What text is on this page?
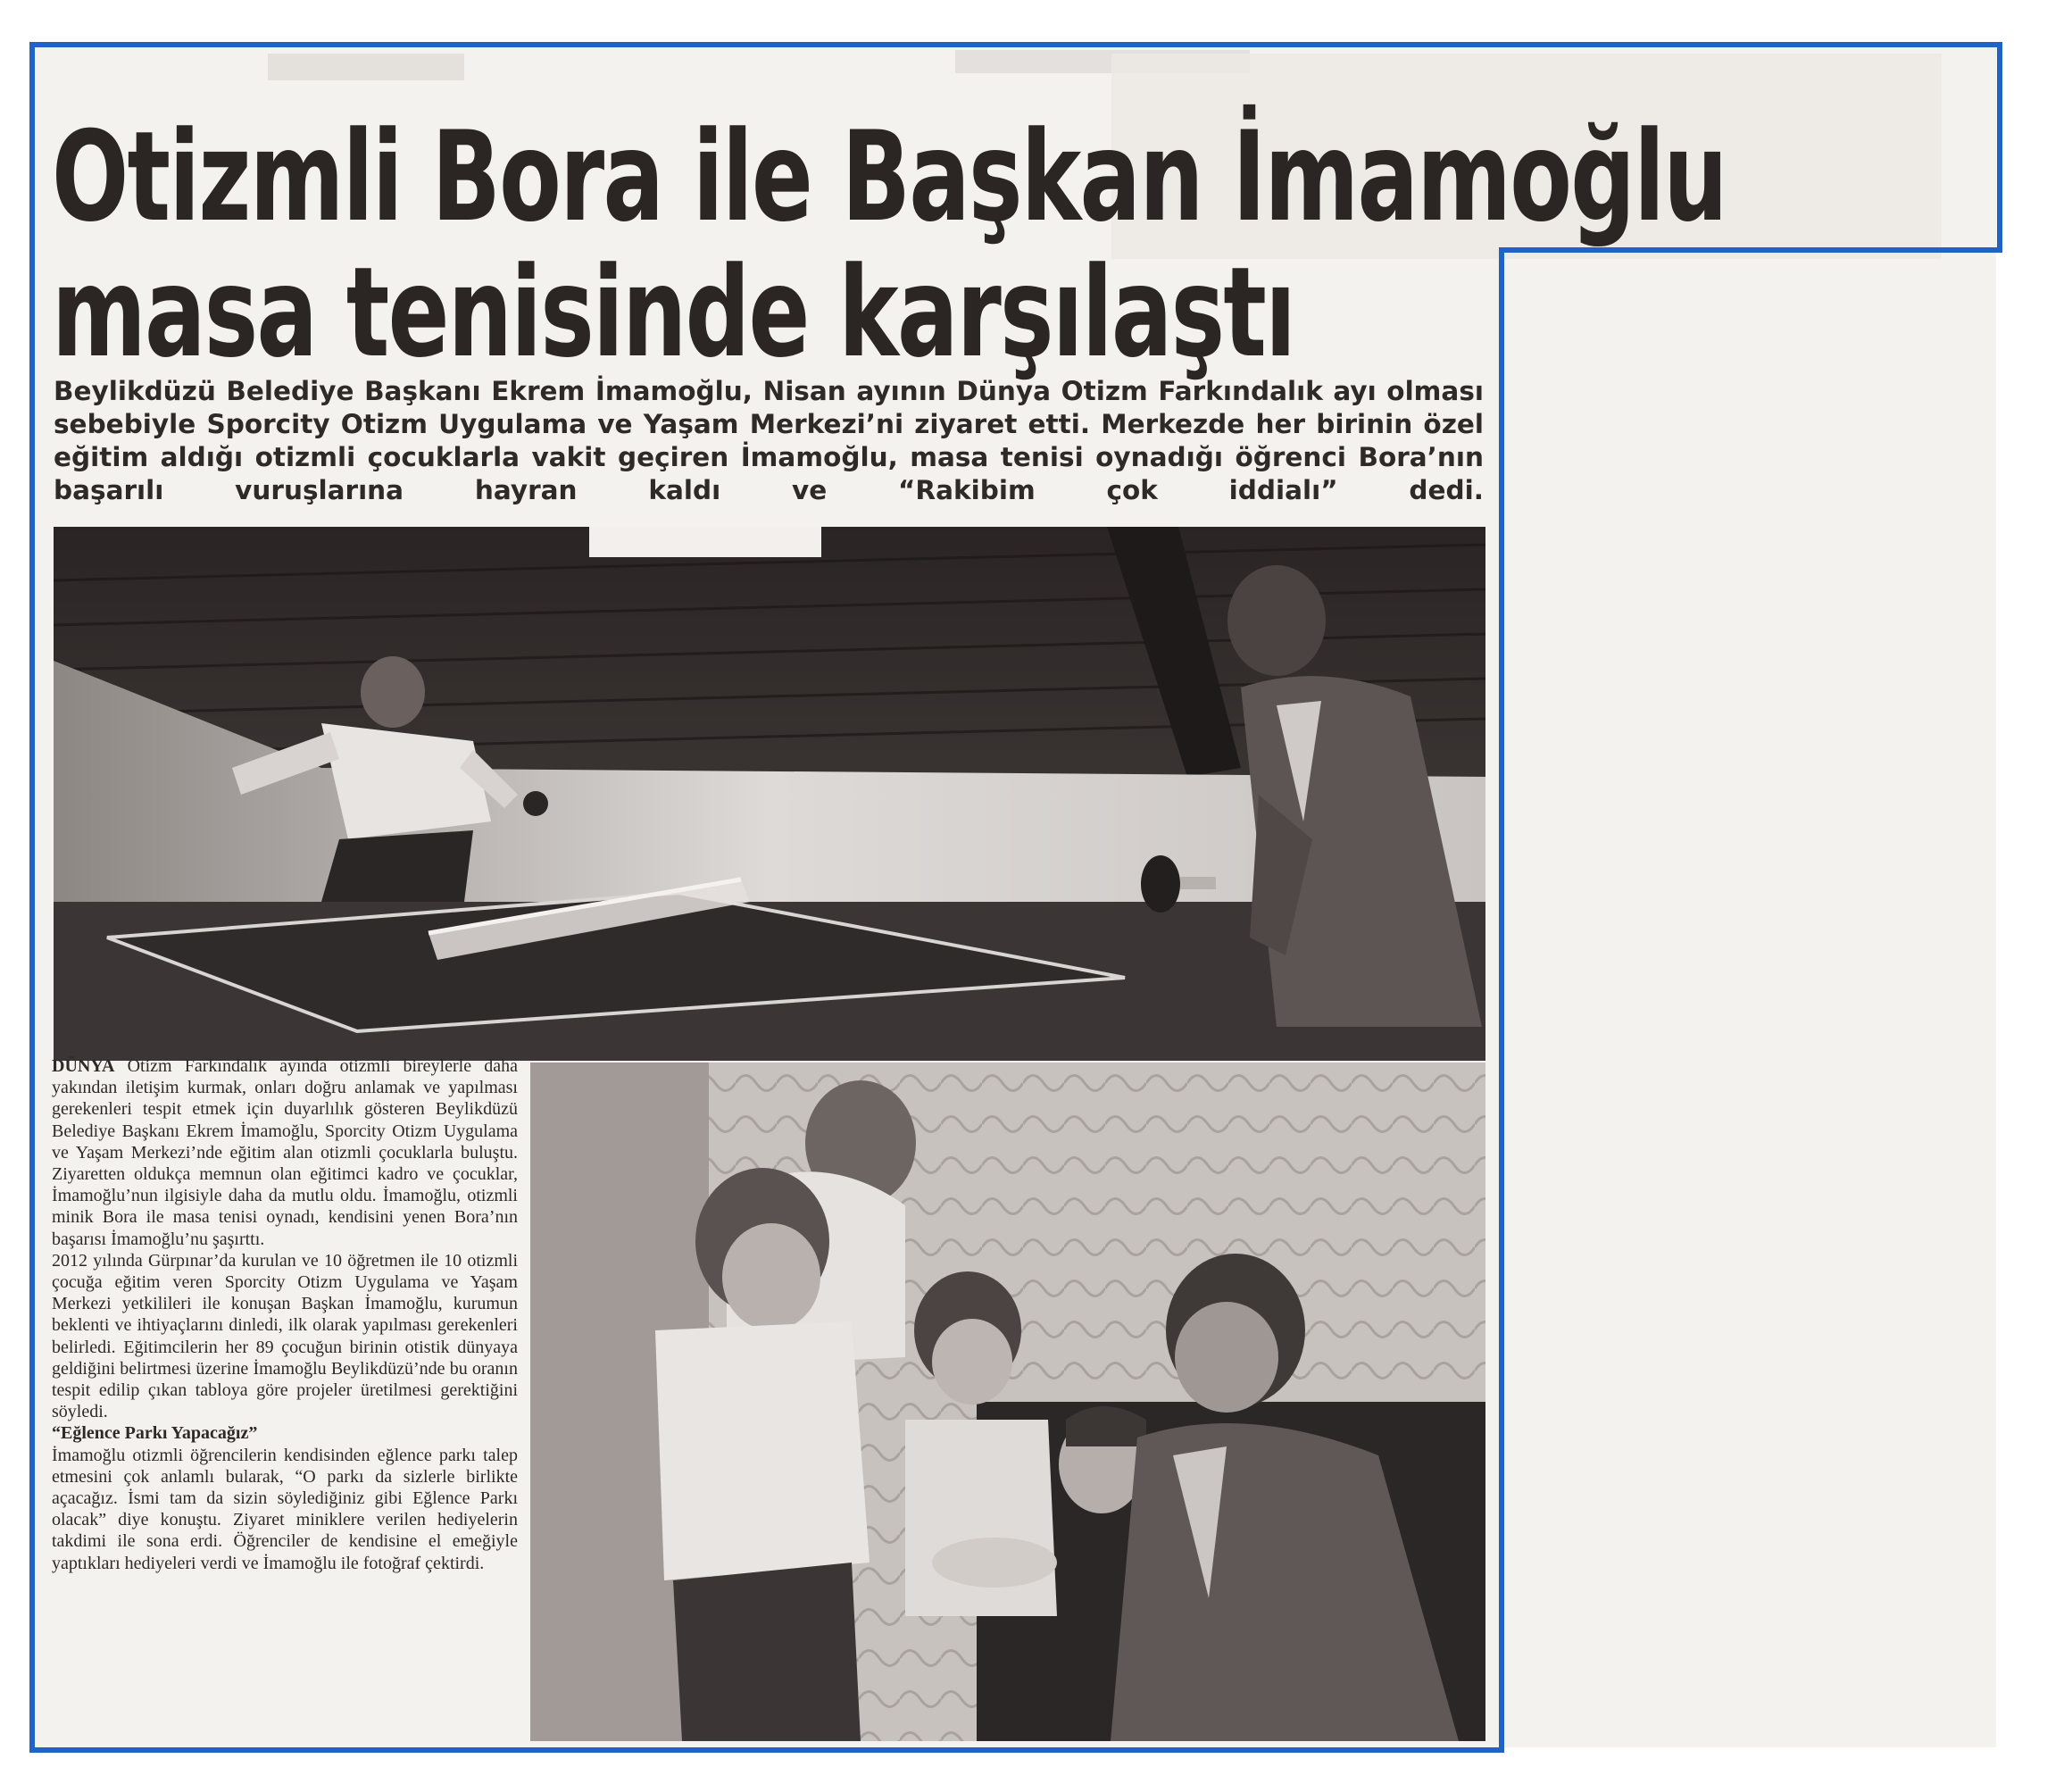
Otizmli Bora ile Başkan İmamoğlu
masa tenisinde karşılaştı

Beylikdüzü Belediye Başkanı Ekrem İmamoğlu, Nisan ayının Dünya Otizm Farkındalık ayı olması sebebiyle Sporcity Otizm Uygulama ve Yaşam Merkezi’ni ziyaret etti. Merkezde her birinin özel eğitim aldığı otizmli çocuklarla vakit geçiren İmamoğlu, masa tenisi oynadığı öğrenci Bora’nın başarılı vuruşlarına hayran kaldı ve “Rakibim çok iddialı” dedi.

DÜNYA Otizm Farkındalık ayında otizmli bireylerle daha yakından iletişim kurmak, onları doğru anlamak ve yapılması gerekenleri tespit etmek için duyarlılık gösteren Beylikdüzü Belediye Başkanı Ekrem İmamoğlu, Sporcity Otizm Uygulama ve Yaşam Merkezi’nde eğitim alan otizmli çocuklarla buluştu. Ziyaretten oldukça memnun olan eğitimci kadro ve çocuklar, İmamoğlu’nun ilgisiyle daha da mutlu oldu. İmamoğlu, otizmli minik Bora ile masa tenisi oynadı, kendisini yenen Bora’nın başarısı İmamoğlu’nu şaşırttı.

2012 yılında Gürpınar’da kurulan ve 10 öğretmen ile 10 otizmli çocuğa eğitim veren Sporcity Otizm Uygulama ve Yaşam Merkezi yetkilileri ile konuşan Başkan İmamoğlu, kurumun beklenti ve ihtiyaçlarını dinledi, ilk olarak yapılması gerekenleri belirledi. Eğitimcilerin her 89 çocuğun birinin otistik dünyaya geldiğini belirtmesi üzerine İmamoğlu Beylikdüzü’nde bu oranın tespit edilip çıkan tabloya göre projeler üretilmesi gerektiğini söyledi.

“Eğlence Parkı Yapacağız”

İmamoğlu otizmli öğrencilerin kendisinden eğlence parkı talep etmesini çok anlamlı bularak, “O parkı da sizlerle birlikte açacağız. İsmi tam da sizin söylediğiniz gibi Eğlence Parkı olacak” diye konuştu. Ziyaret miniklere verilen hediyelerin takdimi ile sona erdi. Öğrenciler de kendisine el emeğiyle yaptıkları hediyeleri verdi ve İmamoğlu ile fotoğraf çektirdi.
